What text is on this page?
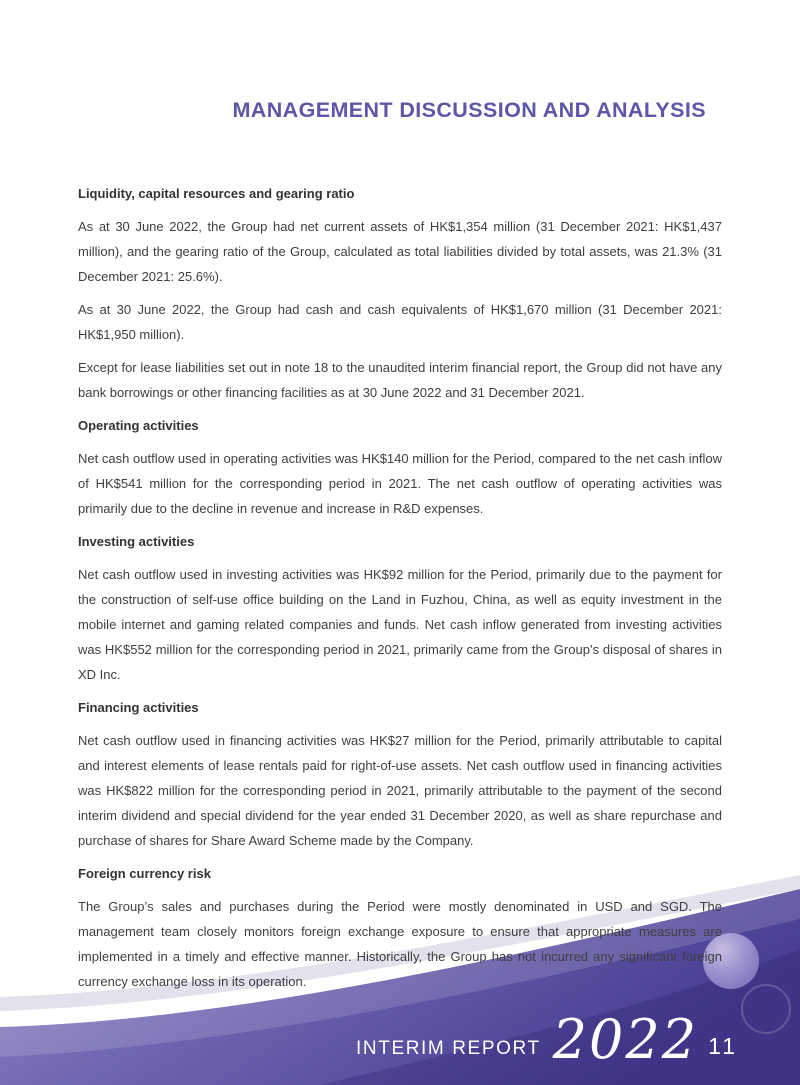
MANAGEMENT DISCUSSION AND ANALYSIS
Liquidity, capital resources and gearing ratio

As at 30 June 2022, the Group had net current assets of HK$1,354 million (31 December 2021: HK$1,437 million), and the gearing ratio of the Group, calculated as total liabilities divided by total assets, was 21.3% (31 December 2021: 25.6%).

As at 30 June 2022, the Group had cash and cash equivalents of HK$1,670 million (31 December 2021: HK$1,950 million).

Except for lease liabilities set out in note 18 to the unaudited interim financial report, the Group did not have any bank borrowings or other financing facilities as at 30 June 2022 and 31 December 2021.

Operating activities

Net cash outflow used in operating activities was HK$140 million for the Period, compared to the net cash inflow of HK$541 million for the corresponding period in 2021. The net cash outflow of operating activities was primarily due to the decline in revenue and increase in R&D expenses.

Investing activities

Net cash outflow used in investing activities was HK$92 million for the Period, primarily due to the payment for the construction of self-use office building on the Land in Fuzhou, China, as well as equity investment in the mobile internet and gaming related companies and funds. Net cash inflow generated from investing activities was HK$552 million for the corresponding period in 2021, primarily came from the Group’s disposal of shares in XD Inc.

Financing activities

Net cash outflow used in financing activities was HK$27 million for the Period, primarily attributable to capital and interest elements of lease rentals paid for right-of-use assets. Net cash outflow used in financing activities was HK$822 million for the corresponding period in 2021, primarily attributable to the payment of the second interim dividend and special dividend for the year ended 31 December 2020, as well as share repurchase and purchase of shares for Share Award Scheme made by the Company.

Foreign currency risk

The Group’s sales and purchases during the Period were mostly denominated in USD and SGD. The management team closely monitors foreign exchange exposure to ensure that appropriate measures are implemented in a timely and effective manner. Historically, the Group has not incurred any significant foreign currency exchange loss in its operation.

INTERIM REPORT 2022 11
